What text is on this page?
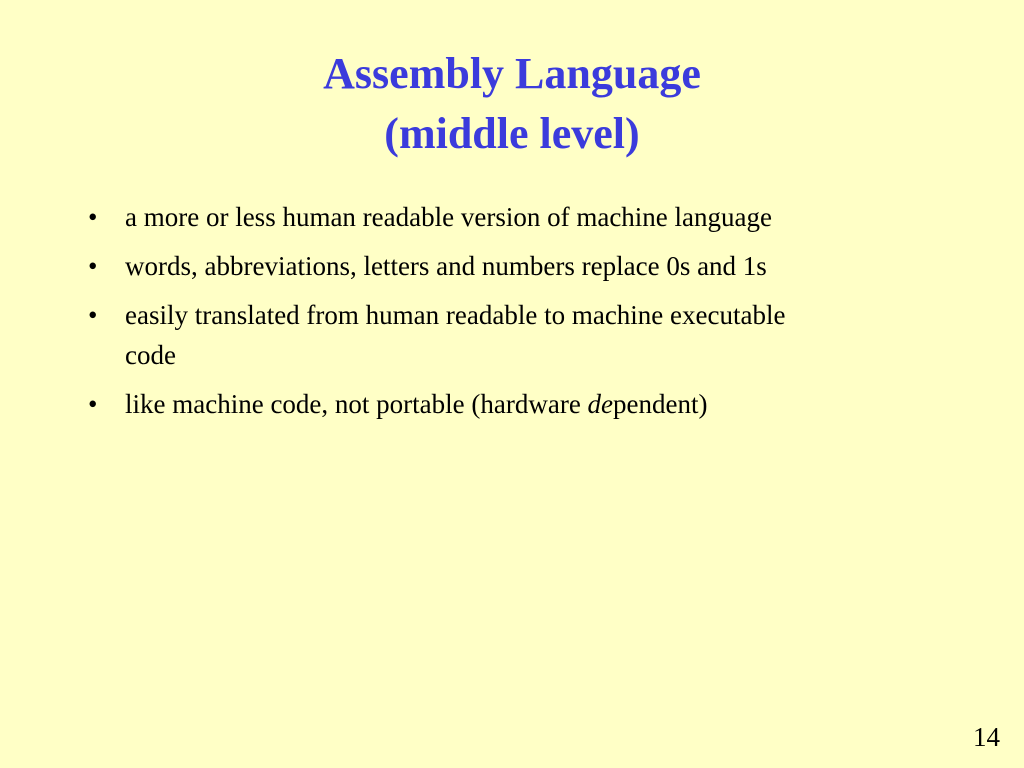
Assembly Language
(middle level)
• a more or less human readable version of machine language
• words, abbreviations, letters and numbers replace 0s and 1s
• easily translated from human readable to machine executable code
• like machine code, not portable (hardware dependent)
14
